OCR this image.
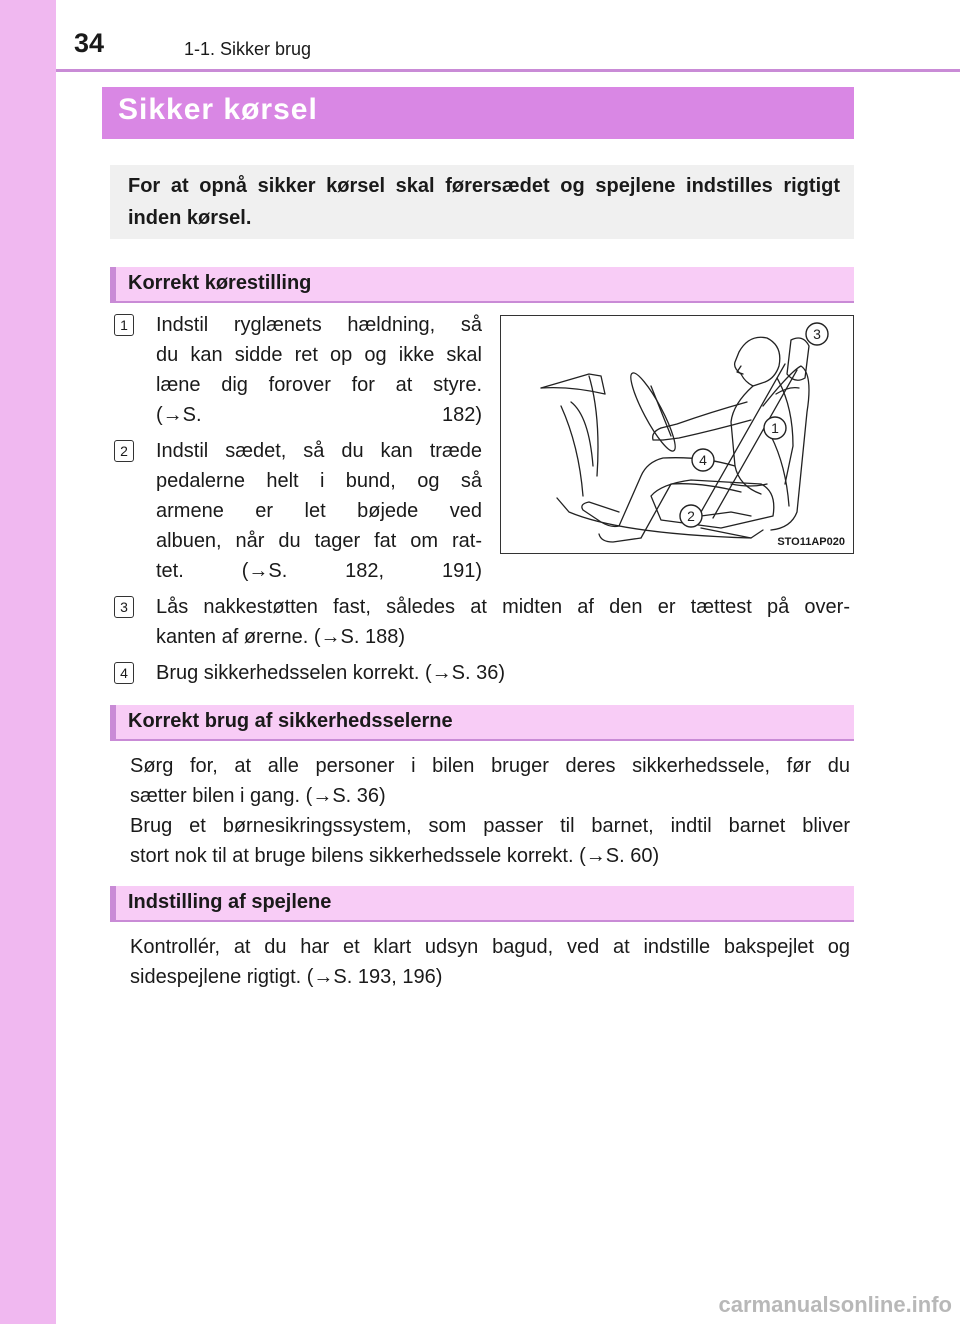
34	1-1. Sikker brug
Sikker kørsel
For at opnå sikker kørsel skal førersædet og spejlene indstilles rigtigt inden kørsel.
Korrekt kørestilling
1	Indstil ryglænets hældning, så
du kan sidde ret op og ikke skal
læne dig forover for at styre.
(→S. 182)
2	Indstil sædet, så du kan træde
pedalerne helt i bund, og så
armene er let bøjede ved
albuen, når du tager fat om rat-
tet. (→S. 182, 191)
3
1
4
2
STO11AP020
3	Lås nakkestøtten fast, således at midten af den er tættest på over-
kanten af ørerne. (→S. 188)
4	Brug sikkerhedsselen korrekt. (→S. 36)
Korrekt brug af sikkerhedsselerne
Sørg for, at alle personer i bilen bruger deres sikkerhedssele, før du
sætter bilen i gang. (→S. 36)
Brug et børnesikringssystem, som passer til barnet, indtil barnet bliver
stort nok til at bruge bilens sikkerhedssele korrekt. (→S. 60)
Indstilling af spejlene
Kontrollér, at du har et klart udsyn bagud, ved at indstille bakspejlet og
sidespejlene rigtigt. (→S. 193, 196)
carmanualsonline.info
